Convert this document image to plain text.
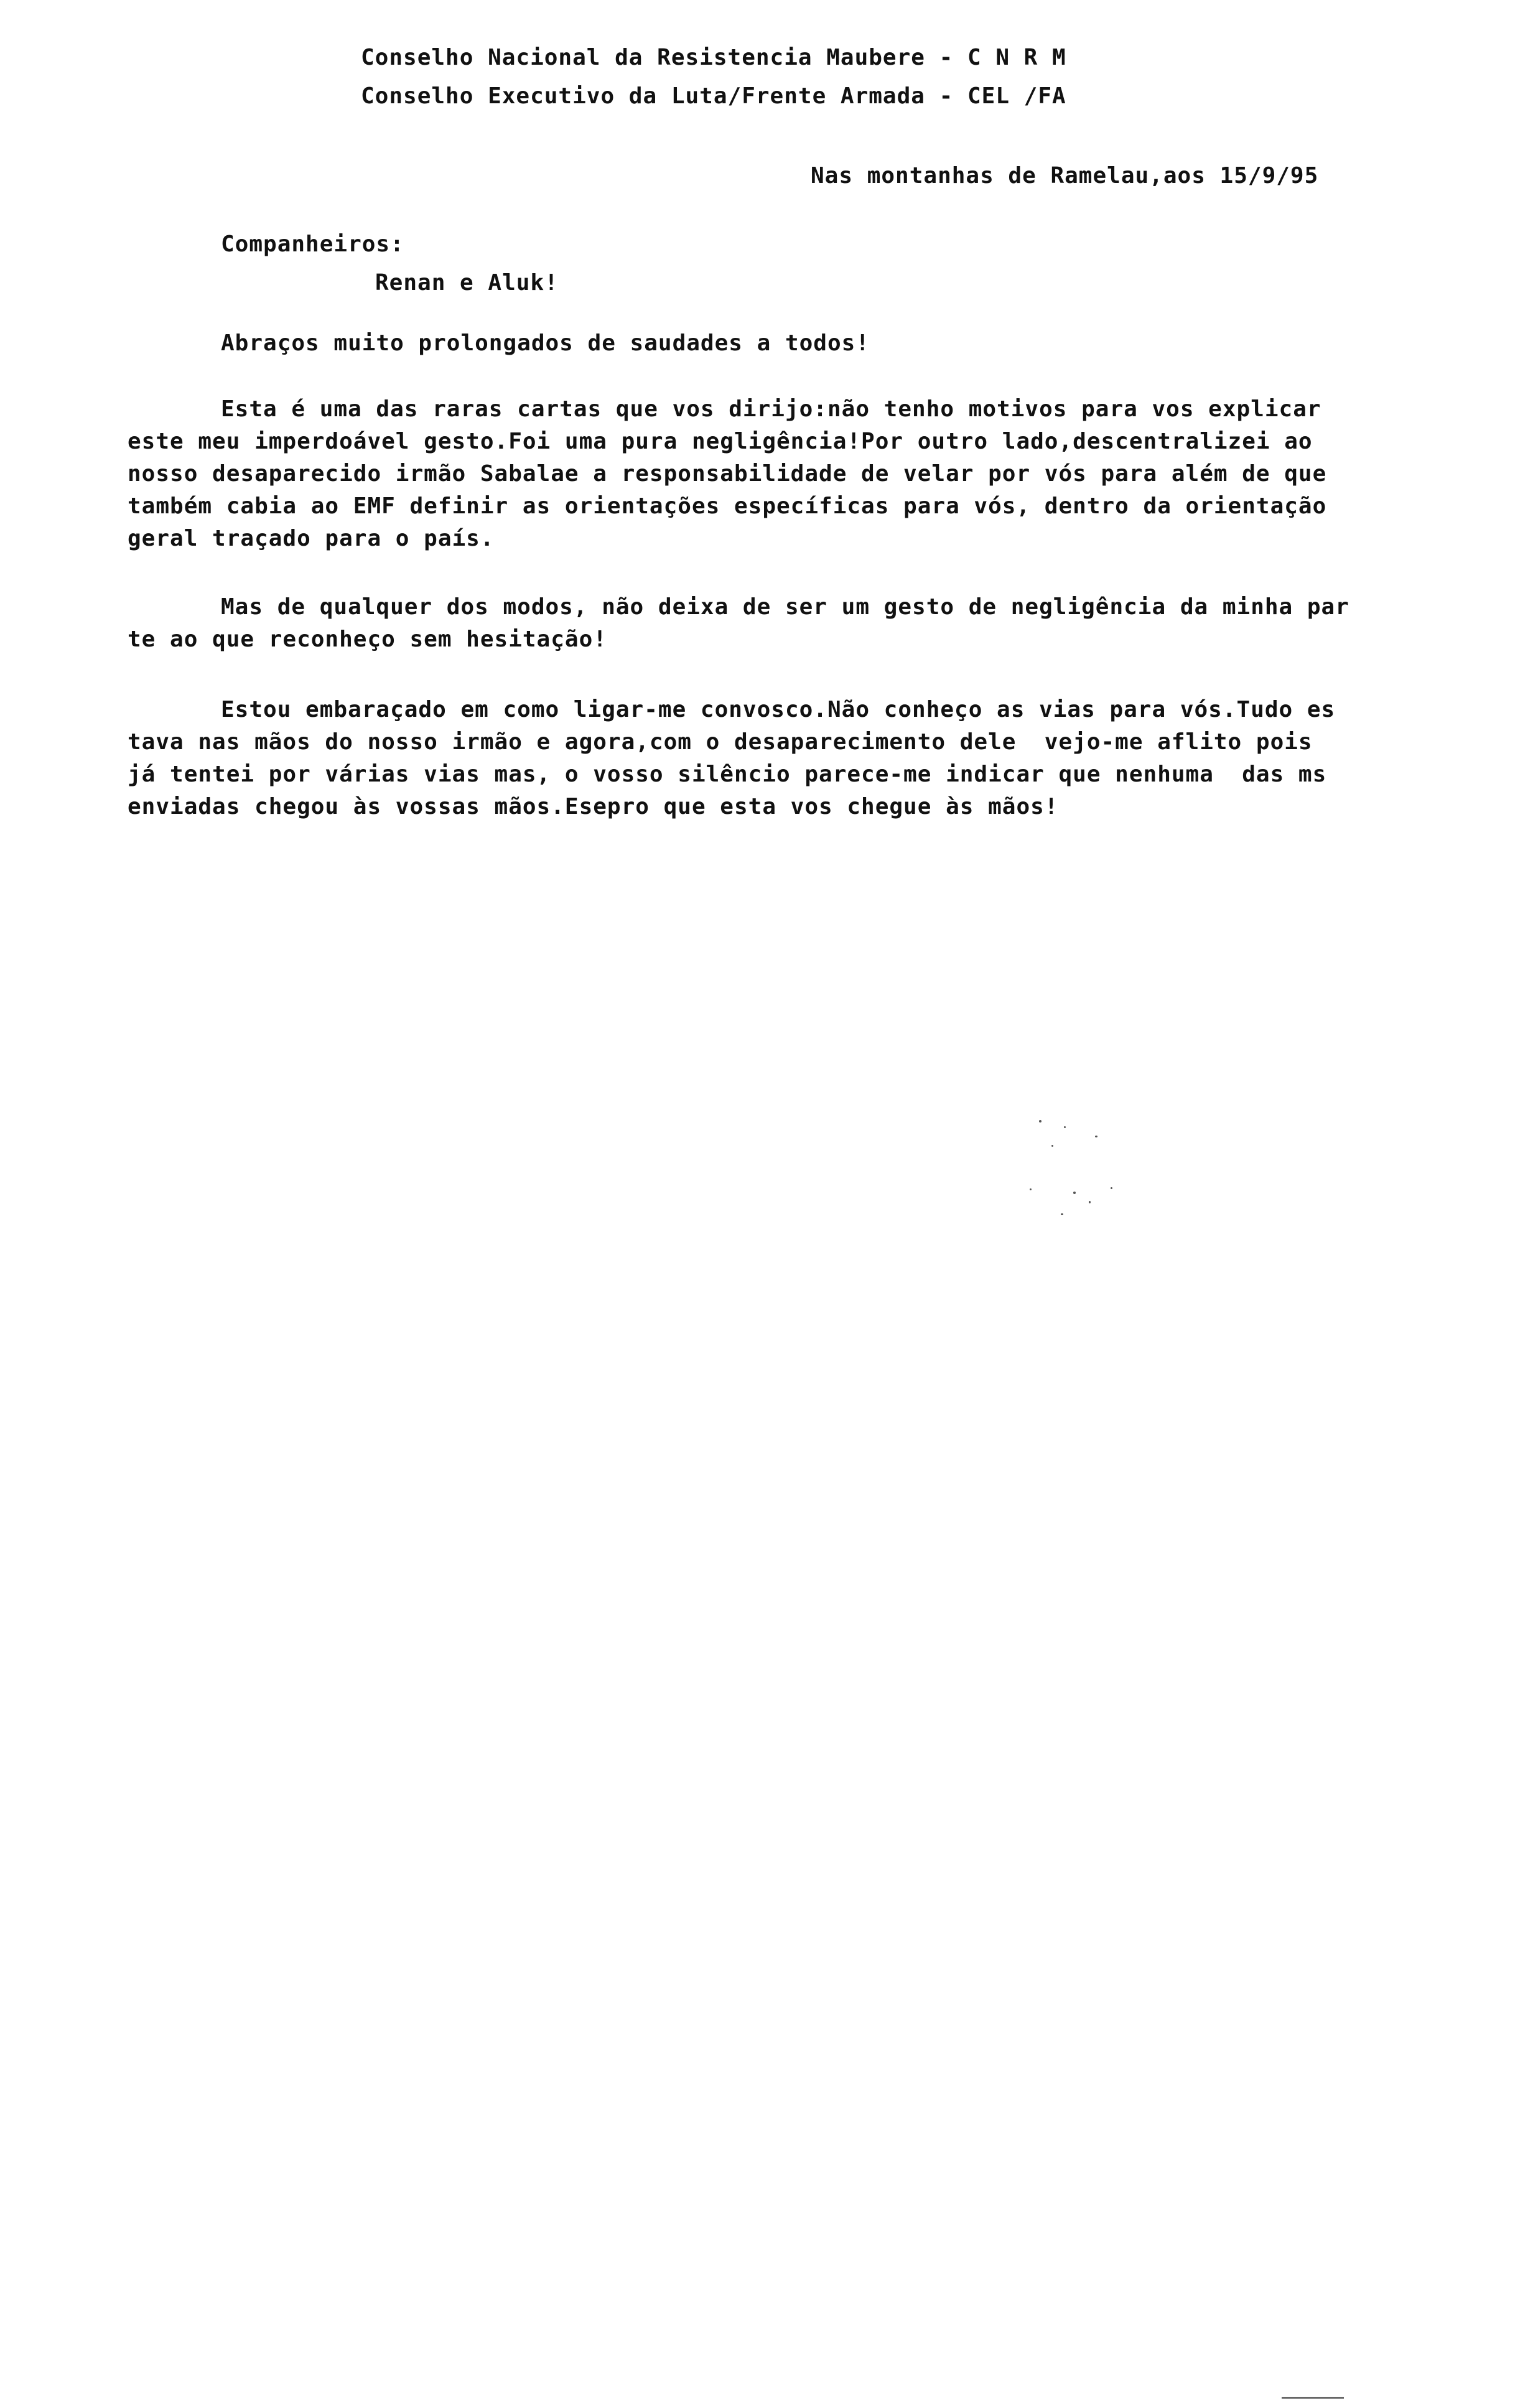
Conselho Nacional da Resistencia Maubere - C N R M

Conselho Executivo da Luta/Frente Armada - CEL /FA

Nas montanhas de Ramelau,aos 15/9/95

Companheiros:

Renan e Aluk!

Abraços muito prolongados de saudades a todos!

Esta é uma das raras cartas que vos dirijo:não tenho motivos para vos explicar

este meu imperdoável gesto.Foi uma pura negligência!Por outro lado,descentralizei ao

nosso desaparecido irmão Sabalae a responsabilidade de velar por vós para além de que

também cabia ao EMF definir as orientações específicas para vós, dentro da orientação

geral traçado para o país.

Mas de qualquer dos modos, não deixa de ser um gesto de negligência da minha par

te ao que reconheço sem hesitação!

Estou embaraçado em como ligar-me convosco.Não conheço as vias para vós.Tudo es

tava nas mãos do nosso irmão e agora,com o desaparecimento dele  vejo-me aflito pois

já tentei por várias vias mas, o vosso silêncio parece-me indicar que nenhuma  das ms

enviadas chegou às vossas mãos.Esepro que esta vos chegue às mãos!
